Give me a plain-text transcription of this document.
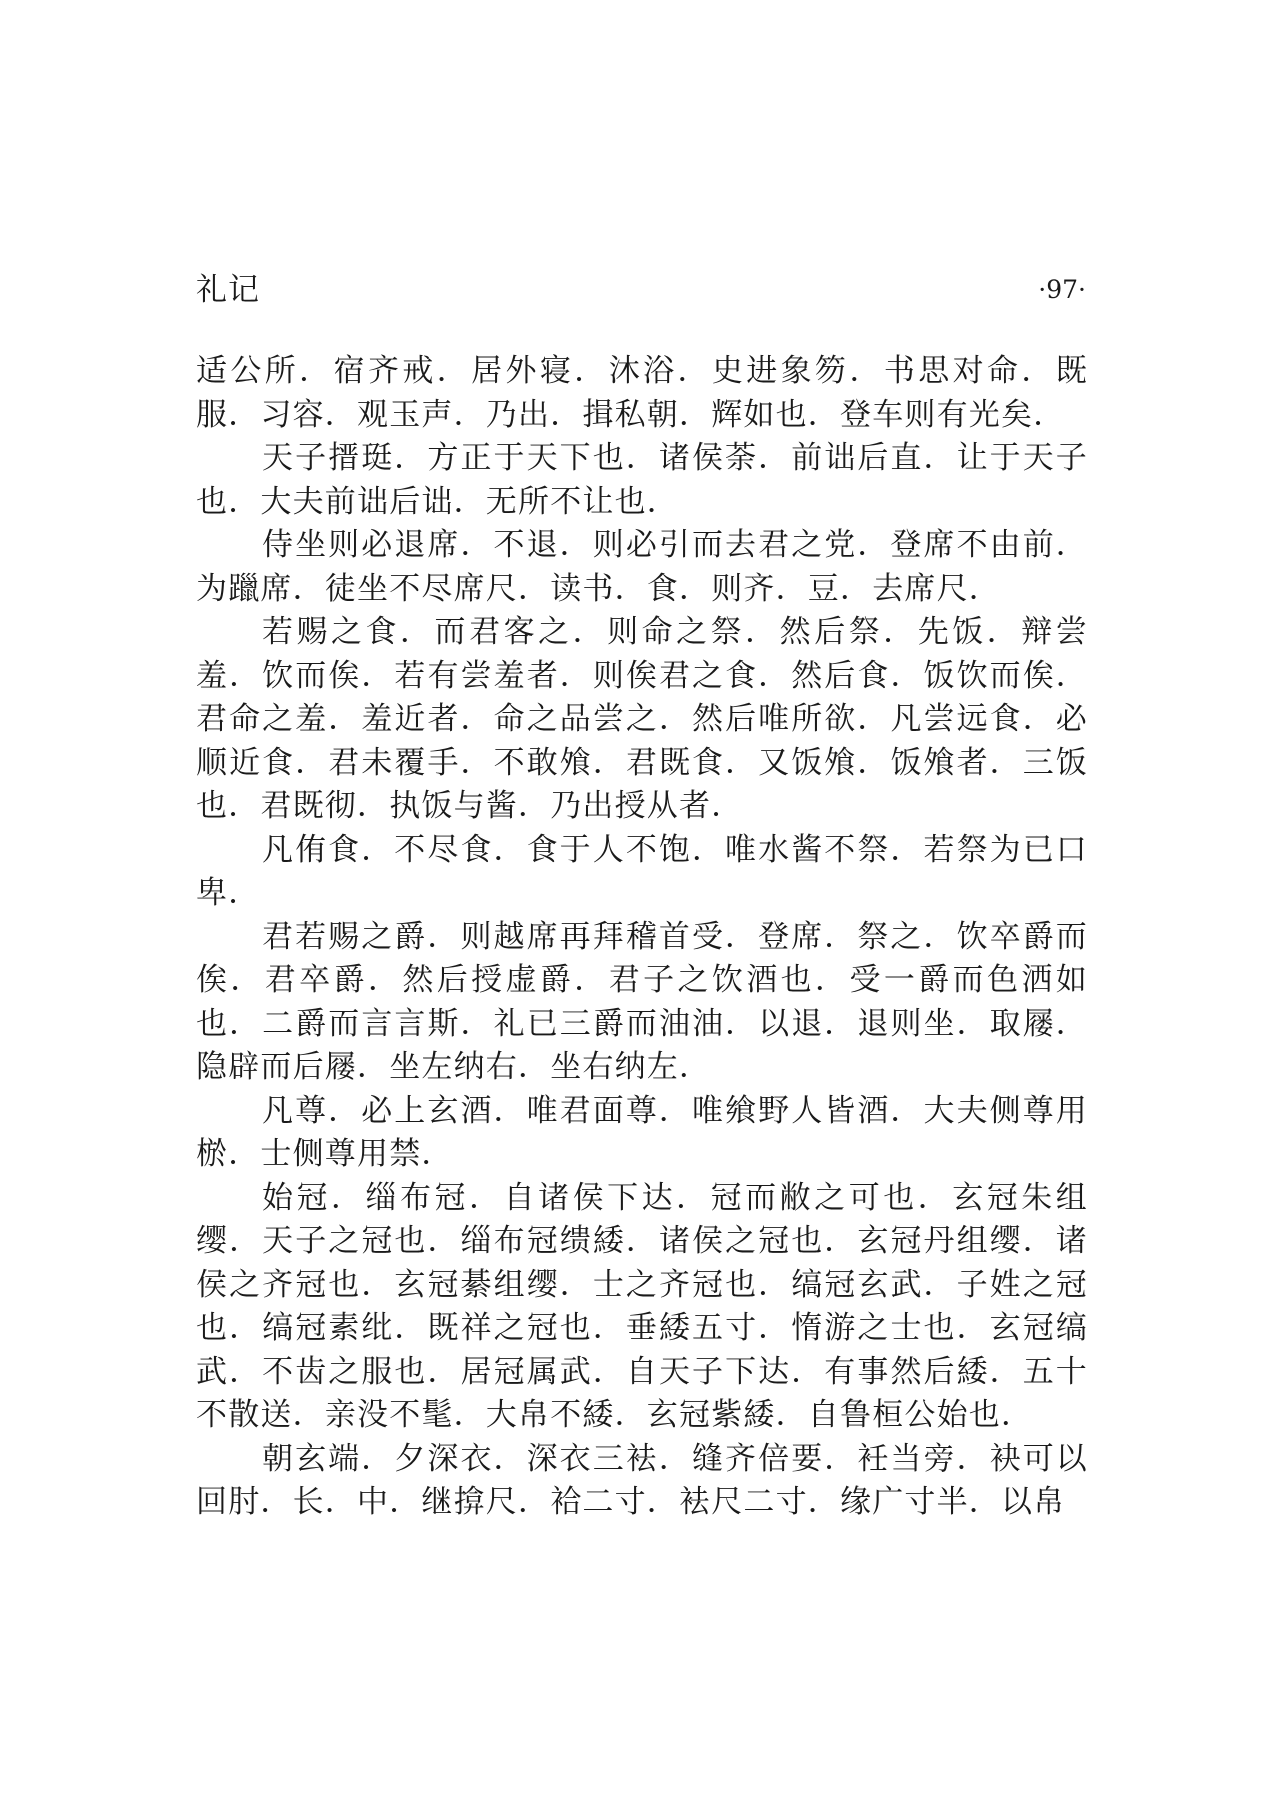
礼记	·97·

适公所．宿齐戒．居外寝．沐浴．史进象笏．书思对命．既服．习容．观玉声．乃出．揖私朝．辉如也．登车则有光矣．

天子搢珽．方正于天下也．诸侯荼．前诎后直．让于天子也．大夫前诎后诎．无所不让也．

侍坐则必退席．不退．则必引而去君之党．登席不由前．为躐席．徒坐不尽席尺．读书．食．则齐．豆．去席尺．

若赐之食．而君客之．则命之祭．然后祭．先饭．辩尝羞．饮而俟．若有尝羞者．则俟君之食．然后食．饭饮而俟．君命之羞．羞近者．命之品尝之．然后唯所欲．凡尝远食．必顺近食．君未覆手．不敢飧．君既食．又饭飧．饭飧者．三饭也．君既彻．执饭与酱．乃出授从者．

凡侑食．不尽食．食于人不饱．唯水酱不祭．若祭为已口卑．

君若赐之爵．则越席再拜稽首受．登席．祭之．饮卒爵而俟．君卒爵．然后授虚爵．君子之饮酒也．受一爵而色洒如也．二爵而言言斯．礼已三爵而油油．以退．退则坐．取屦．隐辟而后屦．坐左纳右．坐右纳左．

凡尊．必上玄酒．唯君面尊．唯飨野人皆酒．大夫侧尊用棜．士侧尊用禁．

始冠．缁布冠．自诸侯下达．冠而敝之可也．玄冠朱组缨．天子之冠也．缁布冠缋緌．诸侯之冠也．玄冠丹组缨．诸侯之齐冠也．玄冠綦组缨．士之齐冠也．缟冠玄武．子姓之冠也．缟冠素纰．既祥之冠也．垂緌五寸．惰游之士也．玄冠缟武．不齿之服也．居冠属武．自天子下达．有事然后緌．五十不散送．亲没不髦．大帛不緌．玄冠紫緌．自鲁桓公始也．

朝玄端．夕深衣．深衣三袪．缝齐倍要．衽当旁．袂可以回肘．长．中．继揜尺．袷二寸．袪尺二寸．缘广寸半．以帛
